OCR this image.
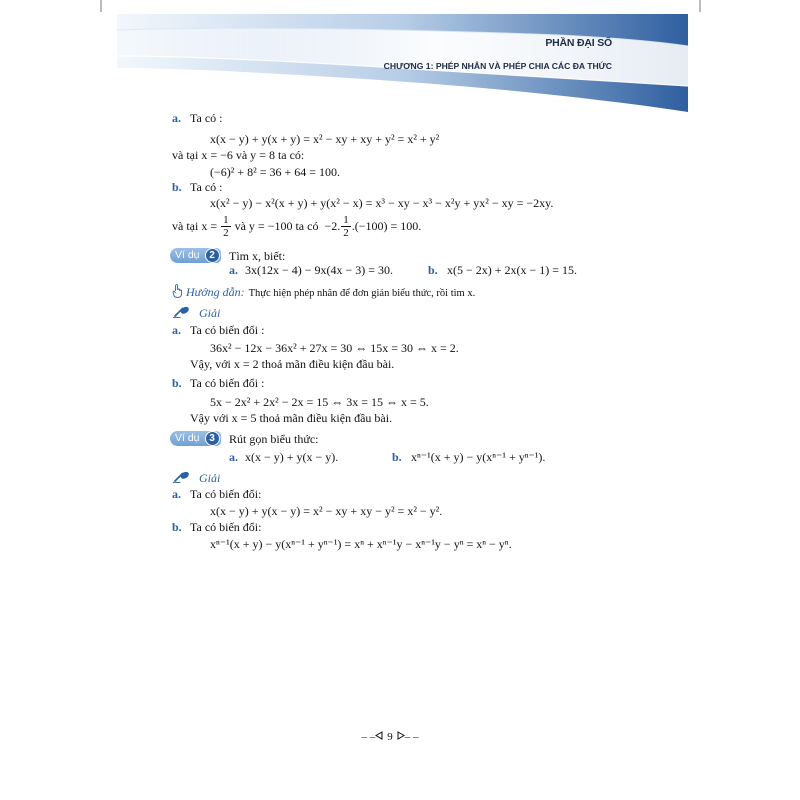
PHẦN ĐẠI SỐ
CHƯƠNG 1: PHÉP NHÂN VÀ PHÉP CHIA CÁC ĐA THỨC
a. Ta có :
x(x − y) + y(x + y) = x² − xy + xy + y² = x² + y²
và tại x = −6 và y = 8 ta có:
(−6)² + 8² = 36 + 64 = 100.
b. Ta có :
x(x² − y) − x²(x + y) + y(x² − x) = x³ − xy − x³ − x²y + yx² − xy = −2xy.
và tại $x = \frac{1}{2}$ và y = −100 ta có −2. $\frac{1}{2} .(-100) = 100$.
Ví dụ 2	Tìm x, biết:
a. 3x(12x − 4) − 9x(4x − 3) = 30.	b. x(5 − 2x) + 2x(x − 1) = 15.
Hướng dẫn: Thực hiện phép nhân để đơn giản biểu thức, rồi tìm x.
Giải
a. Ta có biến đổi :
36x² − 12x − 36x² + 27x = 30 ⇔ 15x = 30 ⇔ x = 2.
Vậy, với x = 2 thoả mãn điều kiện đầu bài.
b. Ta có biến đổi :
5x − 2x² + 2x² − 2x = 15 ⇔ 3x = 15 ⇔ x = 5.
Vậy với x = 5 thoả mãn điều kiện đầu bài.
Ví dụ 3	Rút gọn biểu thức:
a. x(x − y) + y(x − y).	b. xⁿ⁻¹(x + y) − y(xⁿ⁻¹ + yⁿ⁻¹).
Giải
a. Ta có biến đổi:
x(x − y) + y(x − y) = x² − xy + xy − y² = x² − y².
b. Ta có biến đổi:
xⁿ⁻¹(x + y) − y(xⁿ⁻¹ + yⁿ⁻¹) = xⁿ + xⁿ⁻¹y − xⁿ⁻¹y − yⁿ = xⁿ − yⁿ.
– – 9 – –
